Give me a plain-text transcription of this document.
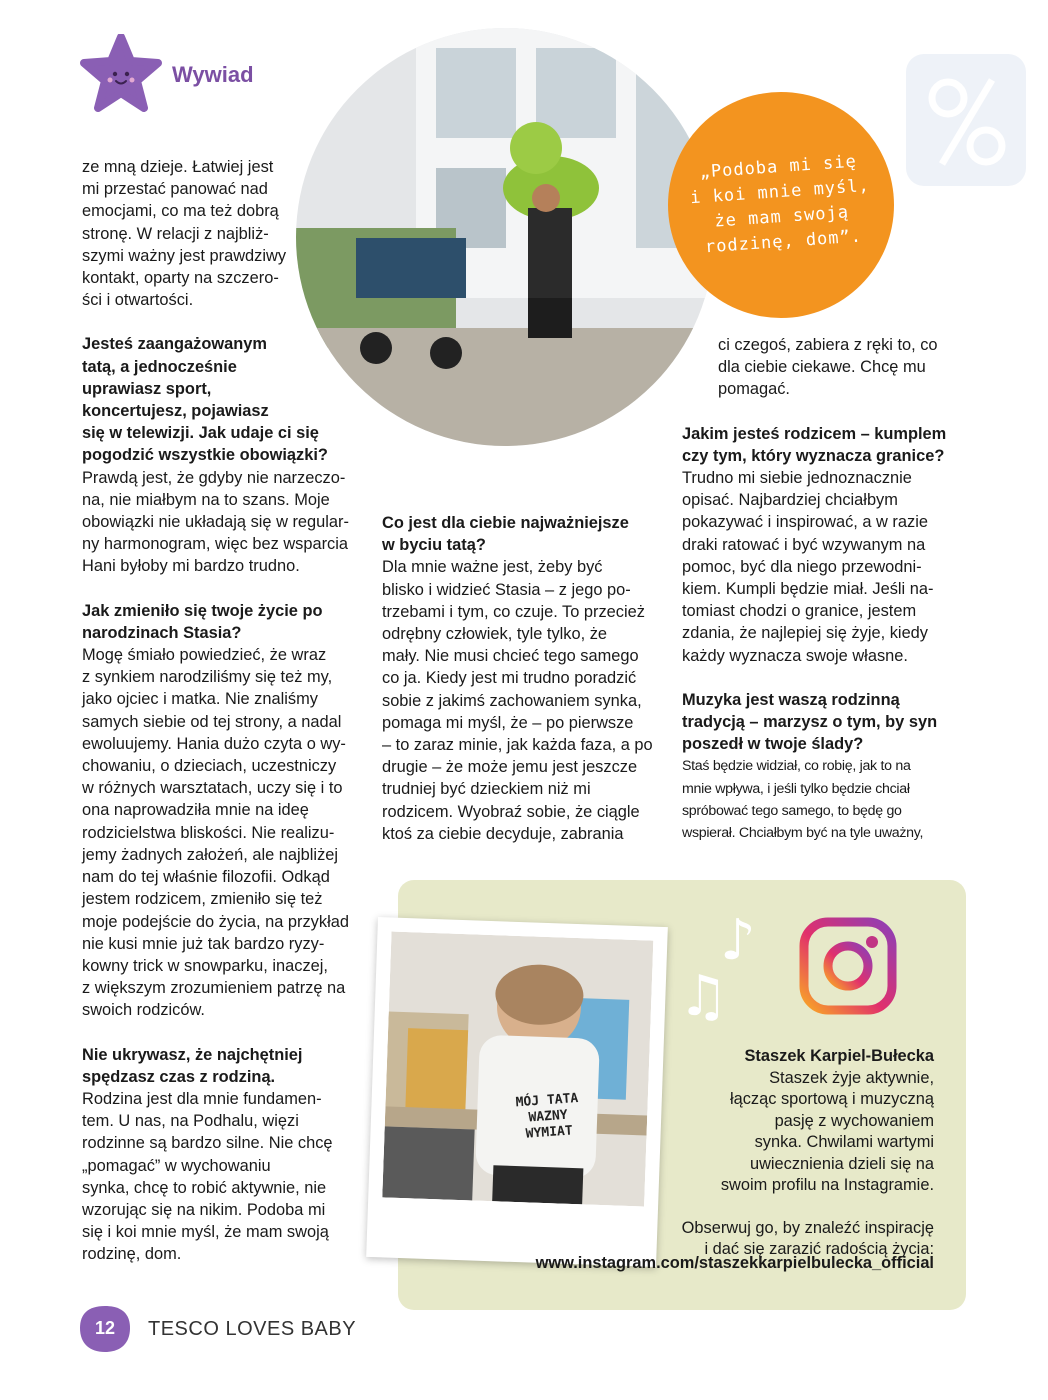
Wywiad
„Podoba mi się
i koi mnie myśl,
że mam swoją
rodzinę, dom”.

ze mną dzieje. Łatwiej jest
mi przestać panować nad
emocjami, co ma też dobrą
stronę. W relacji z najbliż-
szymi ważny jest prawdziwy
kontakt, oparty na szczero-
ści i otwartości.

Jesteś zaangażowanym
tatą, a jednocześnie
uprawiasz sport,
koncertujesz, pojawiasz
się w telewizji. Jak udaje ci się
pogodzić wszystkie obowiązki?

Prawdą jest, że gdyby nie narzeczo-
na, nie miałbym na to szans. Moje
obowiązki nie układają się w regular-
ny harmonogram, więc bez wsparcia
Hani byłoby mi bardzo trudno.

Jak zmieniło się twoje życie po
narodzinach Stasia?

Mogę śmiało powiedzieć, że wraz
z synkiem narodziliśmy się też my,
jako ojciec i matka. Nie znaliśmy
samych siebie od tej strony, a nadal
ewoluujemy. Hania dużo czyta o wy-
chowaniu, o dzieciach, uczestniczy
w różnych warsztatach, uczy się i to
ona naprowadziła mnie na ideę
rodzicielstwa bliskości. Nie realizu-
jemy żadnych założeń, ale najbliżej
nam do tej właśnie filozofii. Odkąd
jestem rodzicem, zmieniło się też
moje podejście do życia, na przykład
nie kusi mnie już tak bardzo ryzy-
kowny trick w snowparku, inaczej,
z większym zrozumieniem patrzę na
swoich rodziców.

Nie ukrywasz, że najchętniej
spędzasz czas z rodziną.

Rodzina jest dla mnie fundamen-
tem. U nas, na Podhalu, więzi
rodzinne są bardzo silne. Nie chcę
„pomagać” w wychowaniu
synka, chcę to robić aktywnie, nie
wzorując się na nikim. Podoba mi
się i koi mnie myśl, że mam swoją
rodzinę, dom.

Co jest dla ciebie najważniejsze
w byciu tatą?

Dla mnie ważne jest, żeby być
blisko i widzieć Stasia – z jego po-
trzebami i tym, co czuje. To przecież
odrębny człowiek, tyle tylko, że
mały. Nie musi chcieć tego samego
co ja. Kiedy jest mi trudno poradzić
sobie z jakimś zachowaniem synka,
pomaga mi myśl, że – po pierwsze
– to zaraz minie, jak każda faza, a po
drugie – że może jemu jest jeszcze
trudniej być dzieckiem niż mi
rodzicem. Wyobraź sobie, że ciągle
ktoś za ciebie decyduje, zabrania

ci czegoś, zabiera z ręki to, co
dla ciebie ciekawe. Chcę mu
pomagać.

Jakim jesteś rodzicem – kumplem
czy tym, który wyznacza granice?

Trudno mi siebie jednoznacznie
opisać. Najbardziej chciałbym
pokazywać i inspirować, a w razie
draki ratować i być wzywanym na
pomoc, być dla niego przewodni-
kiem. Kumpli będzie miał. Jeśli na-
tomiast chodzi o granice, jestem
zdania, że najlepiej się żyje, kiedy
każdy wyznacza swoje własne.

Muzyka jest waszą rodzinną
tradycją – marzysz o tym, by syn
poszedł w twoje ślady?

Staś będzie widział, co robię, jak to na
mnie wpływa, i jeśli tylko będzie chciał
spróbować tego samego, to będę go
wspierał. Chciałbym być na tyle uważny,

MÓJ TATA
WAZNY
WYMIAT
♪
♫
♪

Staszek Karpiel-Bułecka

Staszek żyje aktywnie,
łącząc sportową i muzyczną
pasję z wychowaniem
synka. Chwilami wartymi
uwiecznienia dzieli się na
swoim profilu na Instagramie.

Obserwuj go, by znaleźć inspirację
i dać się zarazić radością życia:

www.instagram.com/staszekkarpielbulecka_official
12	TESCO LOVES BABY
